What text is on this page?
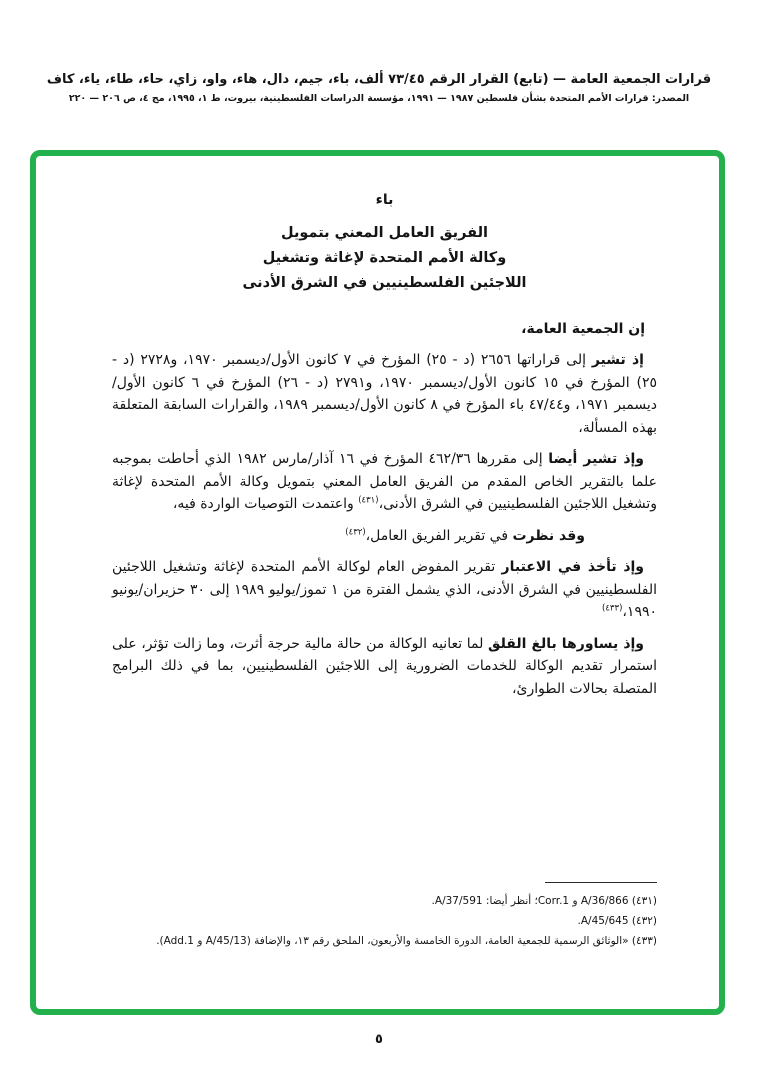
قرارات الجمعية العامة — (تابع) القرار الرقم ٧٣/٤٥ ألف، باء، جيم، دال، هاء، واو، زاي، حاء، طاء، ياء، كاف
المصدر: قرارات الأمم المتحدة بشأن فلسطين ١٩٨٧ — ١٩٩١، مؤسسة الدراسات الفلسطينية، بيروت، ط ١، ١٩٩٥، مج ٤، ص ٢٠٦ — ٢٢٠
باء
الفريق العامل المعني بتمويل
وكالة الأمم المتحدة لإغاثة وتشغيل
اللاجئين الفلسطينيين في الشرق الأدنى

إن الجمعية العامة،

إذ تشير إلى قراراتها ٢٦٥٦ (د - ٢٥) المؤرخ في ٧ كانون الأول/ديسمبر ١٩٧٠، و٢٧٢٨ (د - ٢٥) المؤرخ في ١٥ كانون الأول/ديسمبر ١٩٧٠، و٢٧٩١ (د - ٢٦) المؤرخ في ٦ كانون الأول/ديسمبر ١٩٧١، و٤٧/٤٤ باء المؤرخ في ٨ كانون الأول/ديسمبر ١٩٨٩، والقرارات السابقة المتعلقة بهذه المسألة،

وإذ تشير أيضا إلى مقررها ٤٦٢/٣٦ المؤرخ في ١٦ آذار/مارس ١٩٨٢ الذي أحاطت بموجبه علما بالتقرير الخاص المقدم من الفريق العامل المعني بتمويل وكالة الأمم المتحدة لإغاثة وتشغيل اللاجئين الفلسطينيين في الشرق الأدنى،$^{(٤٣١)}$ واعتمدت التوصيات الواردة فيه،

وقد نظرت في تقرير الفريق العامل،$^{(٤٣٢)}$

وإذ تأخذ في الاعتبار تقرير المفوض العام لوكالة الأمم المتحدة لإغاثة وتشغيل اللاجئين الفلسطينيين في الشرق الأدنى، الذي يشمل الفترة من ١ تموز/يوليو ١٩٨٩ إلى ٣٠ حزيران/يونيو ١٩٩٠،$^{(٤٣٣)}$

وإذ يساورها بالغ القلق لما تعانيه الوكالة من حالة مالية حرجة أثرت، وما زالت تؤثر، على استمرار تقديم الوكالة للخدمات الضرورية إلى اللاجئين الفلسطينيين، بما في ذلك البرامج المتصلة بحالات الطوارئ،

(٤٣١) A/36/866 و Corr.1؛ أنظر أيضا: A/37/591.
(٤٣٢) A/45/645.
(٤٣٣) «الوثائق الرسمية للجمعية العامة، الدورة الخامسة والأربعون، الملحق رقم ١٣، والإضافة (A/45/13 و Add.1).
٥
